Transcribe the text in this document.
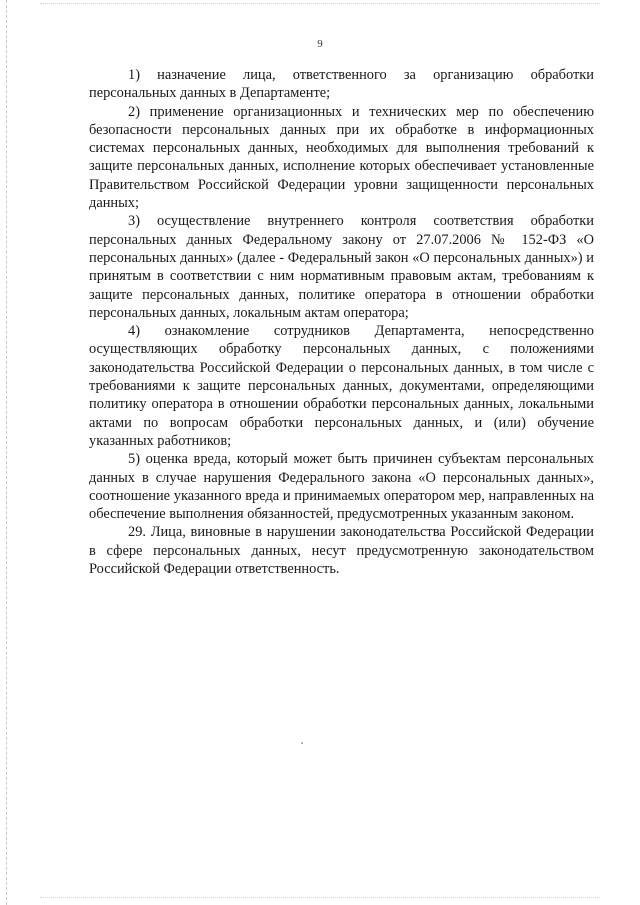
9

1) назначение лица, ответственного за организацию обработки персональных данных в Департаменте;

2) применение организационных и технических мер по обеспечению безопасности персональных данных при их обработке в информационных системах персональных данных, необходимых для выполнения требований к защите персональных данных, исполнение которых обеспечивает установленные Правительством Российской Федерации уровни защищенности персональных данных;

3) осуществление внутреннего контроля соответствия обработки персональных данных Федеральному закону от 27.07.2006 № 152-ФЗ «О персональных данных» (далее - Федеральный закон «О персональных данных») и принятым в соответствии с ним нормативным правовым актам, требованиям к защите персональных данных, политике оператора в отношении обработки персональных данных, локальным актам оператора;

4) ознакомление сотрудников Департамента, непосредственно осуществляющих обработку персональных данных, с положениями законодательства Российской Федерации о персональных данных, в том числе с требованиями к защите персональных данных, документами, определяющими политику оператора в отношении обработки персональных данных, локальными актами по вопросам обработки персональных данных, и (или) обучение указанных работников;

5) оценка вреда, который может быть причинен субъектам персональных данных в случае нарушения Федерального закона «О персональных данных», соотношение указанного вреда и принимаемых оператором мер, направленных на обеспечение выполнения обязанностей, предусмотренных указанным законом.

29. Лица, виновные в нарушении законодательства Российской Федерации в сфере персональных данных, несут предусмотренную законодательством Российской Федерации ответственность.
